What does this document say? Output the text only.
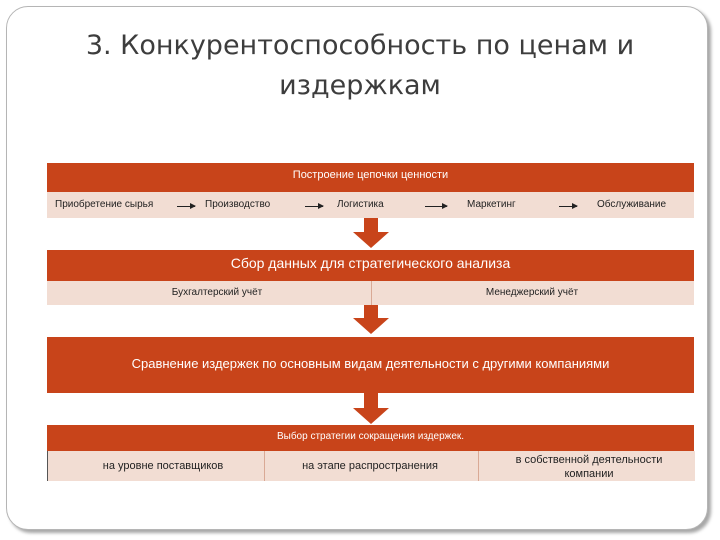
3. Конкурентоспособность по ценам и
издержкам
Построение цепочки ценности
Приобретение сырья	Производство	Логистика	Маркетинг	Обслуживание
Сбор данных для стратегического анализа
Бухгалтерский учёт	Менеджерский учёт
Сравнение издержек по основным видам деятельности с другими компаниями
Выбор стратегии сокращения издержек.
на уровне поставщиков	на этапе распространения	в собственной деятельности компании
